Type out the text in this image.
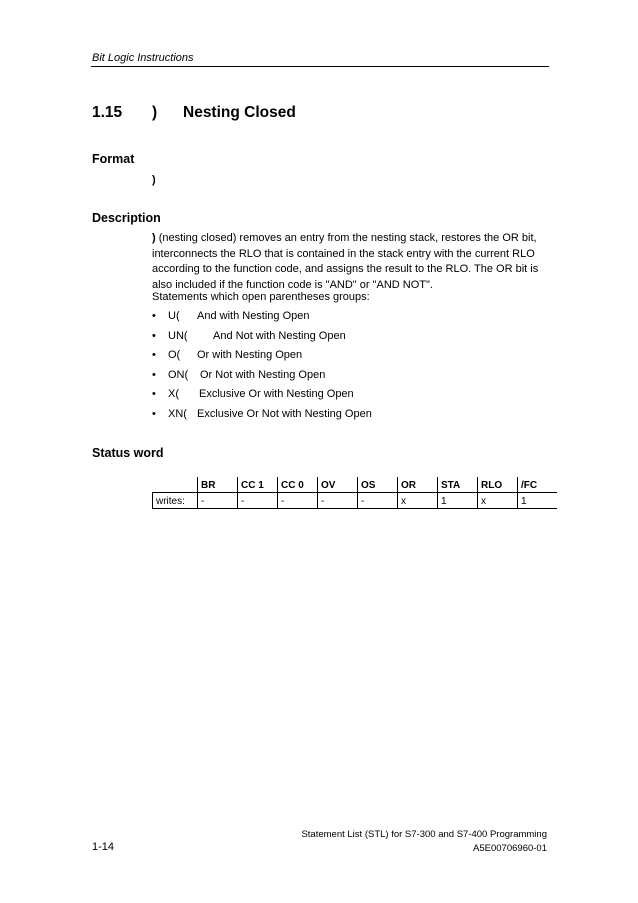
Bit Logic Instructions
1.15 )      Nesting Closed
Format
)
Description

) (nesting closed) removes an entry from the nesting stack, restores the OR bit, interconnects the RLO that is contained in the stack entry with the current RLO according to the function code, and assigns the result to the RLO. The OR bit is also included if the function code is "AND" or "AND NOT".

Statements which open parentheses groups:
• U( And with Nesting Open
• UN( And Not with Nesting Open
• O( Or with Nesting Open
• ON( Or Not with Nesting Open
• X( Exclusive Or with Nesting Open
• XN( Exclusive Or Not with Nesting Open
Status word
	BR	CC 1	CC 0	OV	OS	OR	STA	RLO	/FC
writes:	-	-	-	-	-	x	1	x	1
Statement List (STL) for S7-300 and S7-400 Programming
A5E00706960-01
1-14
